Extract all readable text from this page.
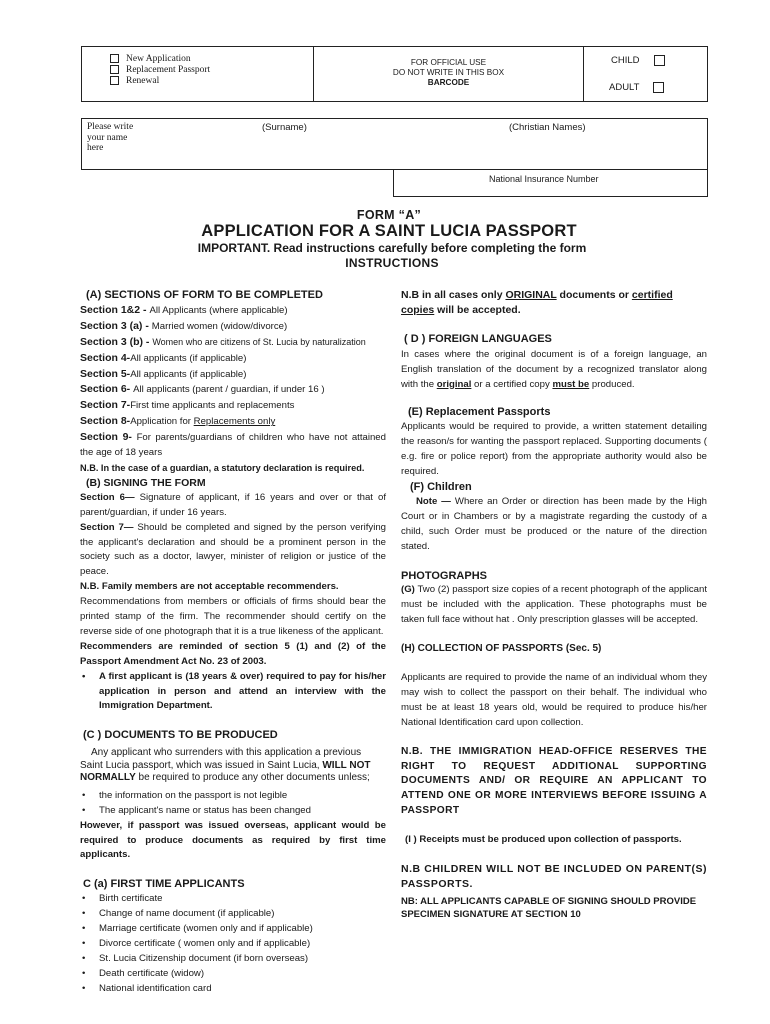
New Application
Replacement Passport
Renewal
FOR OFFICIAL USE
DO NOT WRITE IN THIS BOX
BARCODE
CHILD
ADULT
Please write
your name
here
(Surname)	(Christian Names)
National Insurance Number
FORM “A”
APPLICATION FOR A SAINT LUCIA PASSPORT
IMPORTANT. Read instructions carefully before completing the form
INSTRUCTIONS

(A) SECTIONS OF FORM TO BE COMPLETED

Section 1&2 - All Applicants (where applicable)

Section 3 (a) - Married women (widow/divorce)

Section 3 (b) - Women who are citizens of St. Lucia by naturalization

Section 4-All applicants (if applicable)

Section 5-All applicants (if applicable)

Section 6- All applicants (parent / guardian, if under 16 )

Section 7-First time applicants and replacements

Section 8-Application for Replacements only

Section 9- For parents/guardians of children who have not attained the age of 18 years

N.B. In the case of a guardian, a statutory declaration is required.

(B) SIGNING THE FORM

Section 6— Signature of applicant, if 16 years and over or that of parent/guardian, if under 16 years.

Section 7— Should be completed and signed by the person verifying the applicant's declaration and should be a prominent person in the society such as a doctor, lawyer, minister of religion or justice of the peace.

N.B. Family members are not acceptable recommenders.

Recommendations from members or officials of firms should bear the printed stamp of the firm. The recommender should certify on the reverse side of one photograph that it is a true likeness of the applicant.

Recommenders are reminded of section 5 (1) and (2) of the Passport Amendment Act No. 23 of 2003.

• A first applicant is (18 years & over) required to pay for his/her application in person and attend an interview with the Immigration Department.

(C ) DOCUMENTS TO BE PRODUCED

Any applicant who surrenders with this application a previous Saint Lucia passport, which was issued in Saint Lucia, WILL NOT NORMALLY be required to produce any other documents unless;

• the information on the passport is not legible

• The applicant's name or status has been changed

However, if passport was issued overseas, applicant would be required to produce documents as required by first time applicants.

C (a) FIRST TIME APPLICANTS

• Birth certificate

• Change of name document (if applicable)

• Marriage certificate (women only and if applicable)

• Divorce certificate ( women only and if applicable)

• St. Lucia Citizenship document (if born overseas)

• Death certificate (widow)

• National identification card

N.B in all cases only ORIGINAL documents or certified
copies will be accepted.

( D ) FOREIGN LANGUAGES

In cases where the original document is of a foreign language, an English translation of the document by a recognized translator along with the original or a certified copy must be produced.

(E) Replacement Passports

Applicants would be required to provide, a written statement detailing the reason/s for wanting the passport replaced. Supporting documents ( e.g. fire or police report) from the appropriate authority would also be required.

(F) Children

Note — Where an Order or direction has been made by the High Court or in Chambers or by a magistrate regarding the custody of a child, such Order must be produced or the nature of the direction stated.

PHOTOGRAPHS

(G) Two (2) passport size copies of a recent photograph of the applicant must be included with the application. These photographs must be taken full face without hat . Only prescription glasses will be accepted.

(H) COLLECTION OF PASSPORTS (Sec. 5)

Applicants are required to provide the name of an individual whom they may wish to collect the passport on their behalf. The individual who must be at least 18 years old, would be required to produce his/her National Identification card upon collection.

N.B. THE IMMIGRATION HEAD-OFFICE RESERVES THE RIGHT TO REQUEST ADDITIONAL SUPPORTING DOCUMENTS AND/ OR REQUIRE AN APPLICANT TO ATTEND ONE OR MORE INTERVIEWS BEFORE ISSUING A PASSPORT

(I ) Receipts must be produced upon collection of passports.

N.B CHILDREN WILL NOT BE INCLUDED ON PARENT(S) PASSPORTS.

NB: ALL APPLICANTS CAPABLE OF SIGNING SHOULD PROVIDE SPECIMEN SIGNATURE AT SECTION 10
